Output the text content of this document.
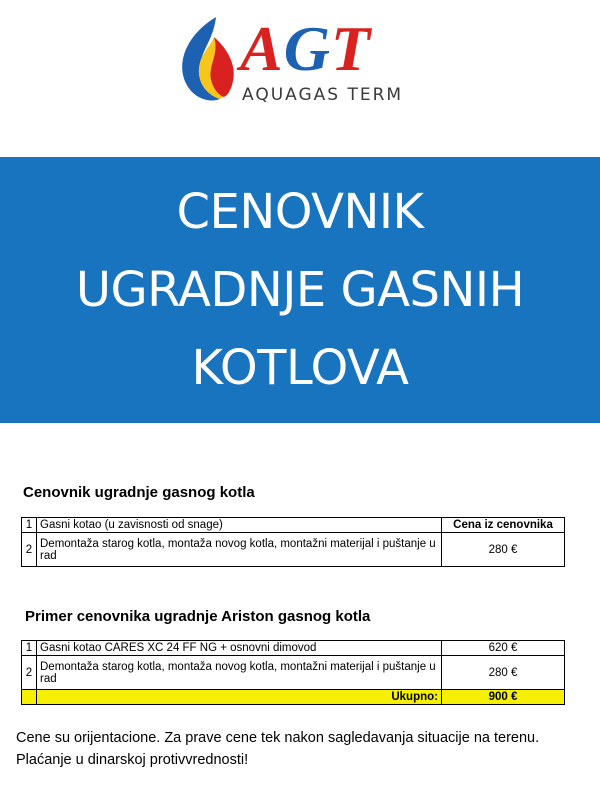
AGT
AQUAGAS TERM
CENOVNIK
UGRADNJE GASNIH
KOTLOVA
Cenovnik ugradnje gasnog kotla
1	Gasni kotao (u zavisnosti od snage)	Cena iz cenovnika
2	Demontaža starog kotla, montaža novog kotla, montažni materijal i puštanje u rad	280 €
Primer cenovnika ugradnje Ariston gasnog kotla
1	Gasni kotao CARES XC 24 FF NG + osnovni dimovod	620 €
2	Demontaža starog kotla, montaža novog kotla, montažni materijal i puštanje u rad	280 €
	Ukupno:	900 €
Cene su orijentacione. Za prave cene tek nakon sagledavanja situacije na terenu.
Plaćanje u dinarskoj protivvrednosti!
